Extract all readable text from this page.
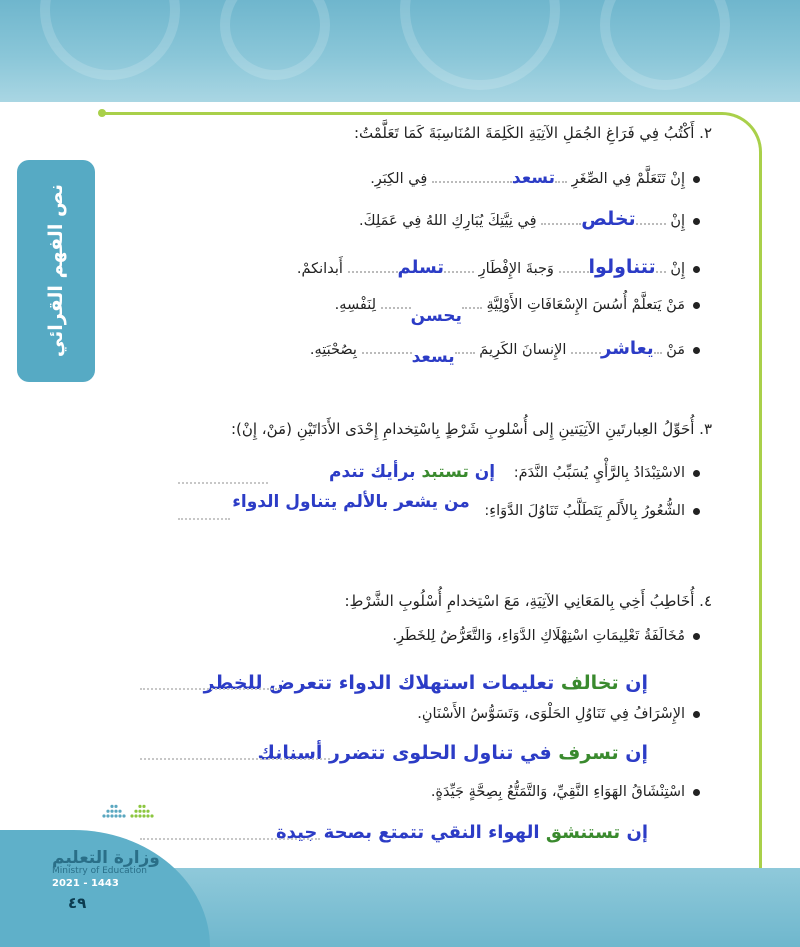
نص الفهم القرائي
٢. أَكْتُبُ فِي فَرَاغِ الجُمَلِ الآتِيَةِ الكَلِمَةَ المُنَاسِبَةَ كَمَا تَعَلَّمْتُ:
إِنْ تَتَعَلَّمْ فِي الصِّغَرِ تسعد فِي الكِبَرِ.
إِنْ تخلص فِي نِيَّتِكَ يُبَارِكِ اللهُ فِي عَمَلِكَ.
إِنْ تتناولوا وَجبةَ الإِفْطَارِ تسلم أَبدانكمْ.
مَنْ يَتعلَّمْ أُسُسَ الإِسْعَافَاتِ الأَوْلِيَّةِ يحسن لِنَفْسِهِ.
مَنْ يعاشر الإِنسانَ الكَرِيمَ يسعد بِصُحْبَتِهِ.
٣. أُحَوِّلُ العِبارتَينِ الآتِيَتينِ إِلى أُسْلوبِ شَرْطٍ بِاسْتِخدامِ إِحْدَى الأَدَاتَيْنِ (مَنْ، إِنْ):
الاسْتِبْدَادُ بِالرَّأْيِ يُسَبِّبُ النَّدَمَ: إن تستبد برأيك تندم
الشُّعُورُ بِالأَلَمِ يَتَطَلَّبُ تَنَاوُلَ الدَّوَاءِ: من يشعر بالألم يتناول الدواء
٤. أُخَاطِبُ أَخِي بِالمَعَانِي الآتِيَةِ، مَعَ اسْتِخدامِ أُسْلُوبِ الشَّرْطِ:
مُخَالَفَةُ تَعْلِيمَاتِ اسْتِهْلَاكِ الدَّوَاءِ، وَالتَّعَرُّضُ لِلخَطَرِ.
إن تخالف تعليمات استهلاك الدواء تتعرض للخطر
الإِسْرَافُ فِي تَنَاوُلِ الحَلْوَى، وَتَسَوُّسُ الأَسْنَانِ.
إن تسرف في تناول الحلوى تتضرر أسنانك
اسْتِنْشَاقُ الهَوَاءِ النَّقِيِّ، وَالتَّمَتُّعُ بِصِحَّةٍ جَيِّدَةٍ.
إن تستنشق الهواء النقي تتمتع بصحة جيدة
وزارة التعليم
Ministry of Education
2021 - 1443
٤٩
